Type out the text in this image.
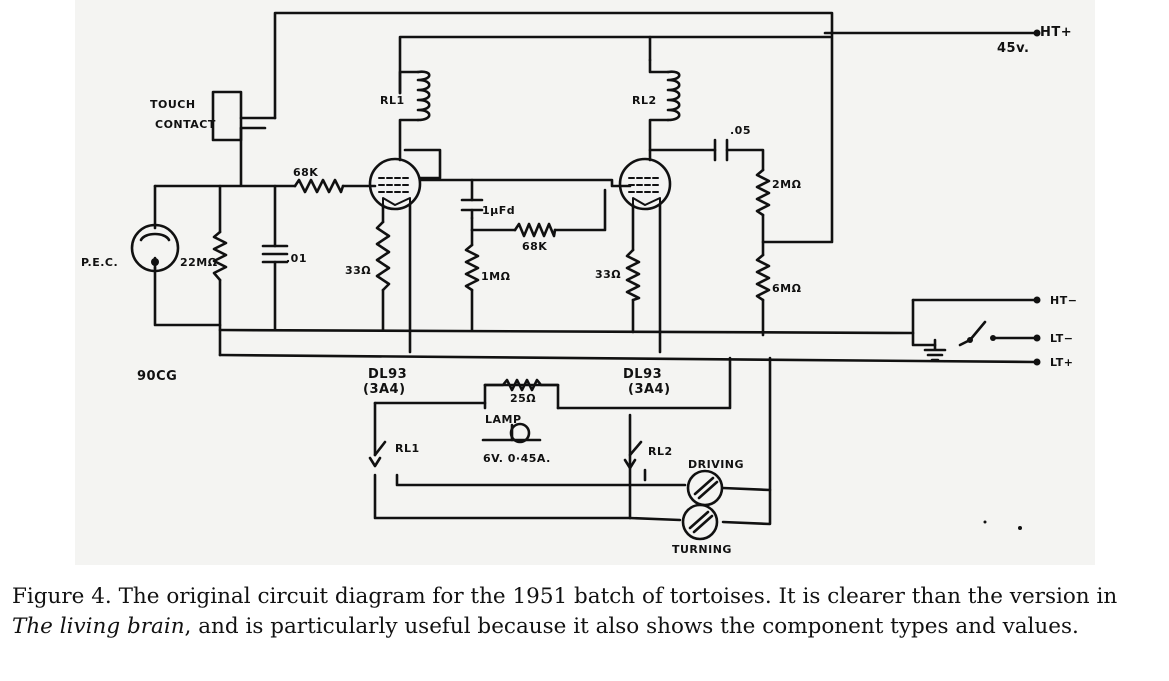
TOUCH
CONTACT
HT+
45v.
RL1	RL2
68K
68K
1μFd
.05
2MΩ
6MΩ
1MΩ
33Ω	33Ω
22MΩ	.01
P.E.C.
90CG	DL93
(3A4)
DL93
(3A4)
25Ω
LAMP
6V. 0·45A.
RL1	RL2
DRIVING
TURNING
HT−
LT−
LT+

Figure 4. The original circuit diagram for the 1951 batch of tortoises. It is clearer than the version in The living brain, and is particularly useful because it also shows the component types and values.
